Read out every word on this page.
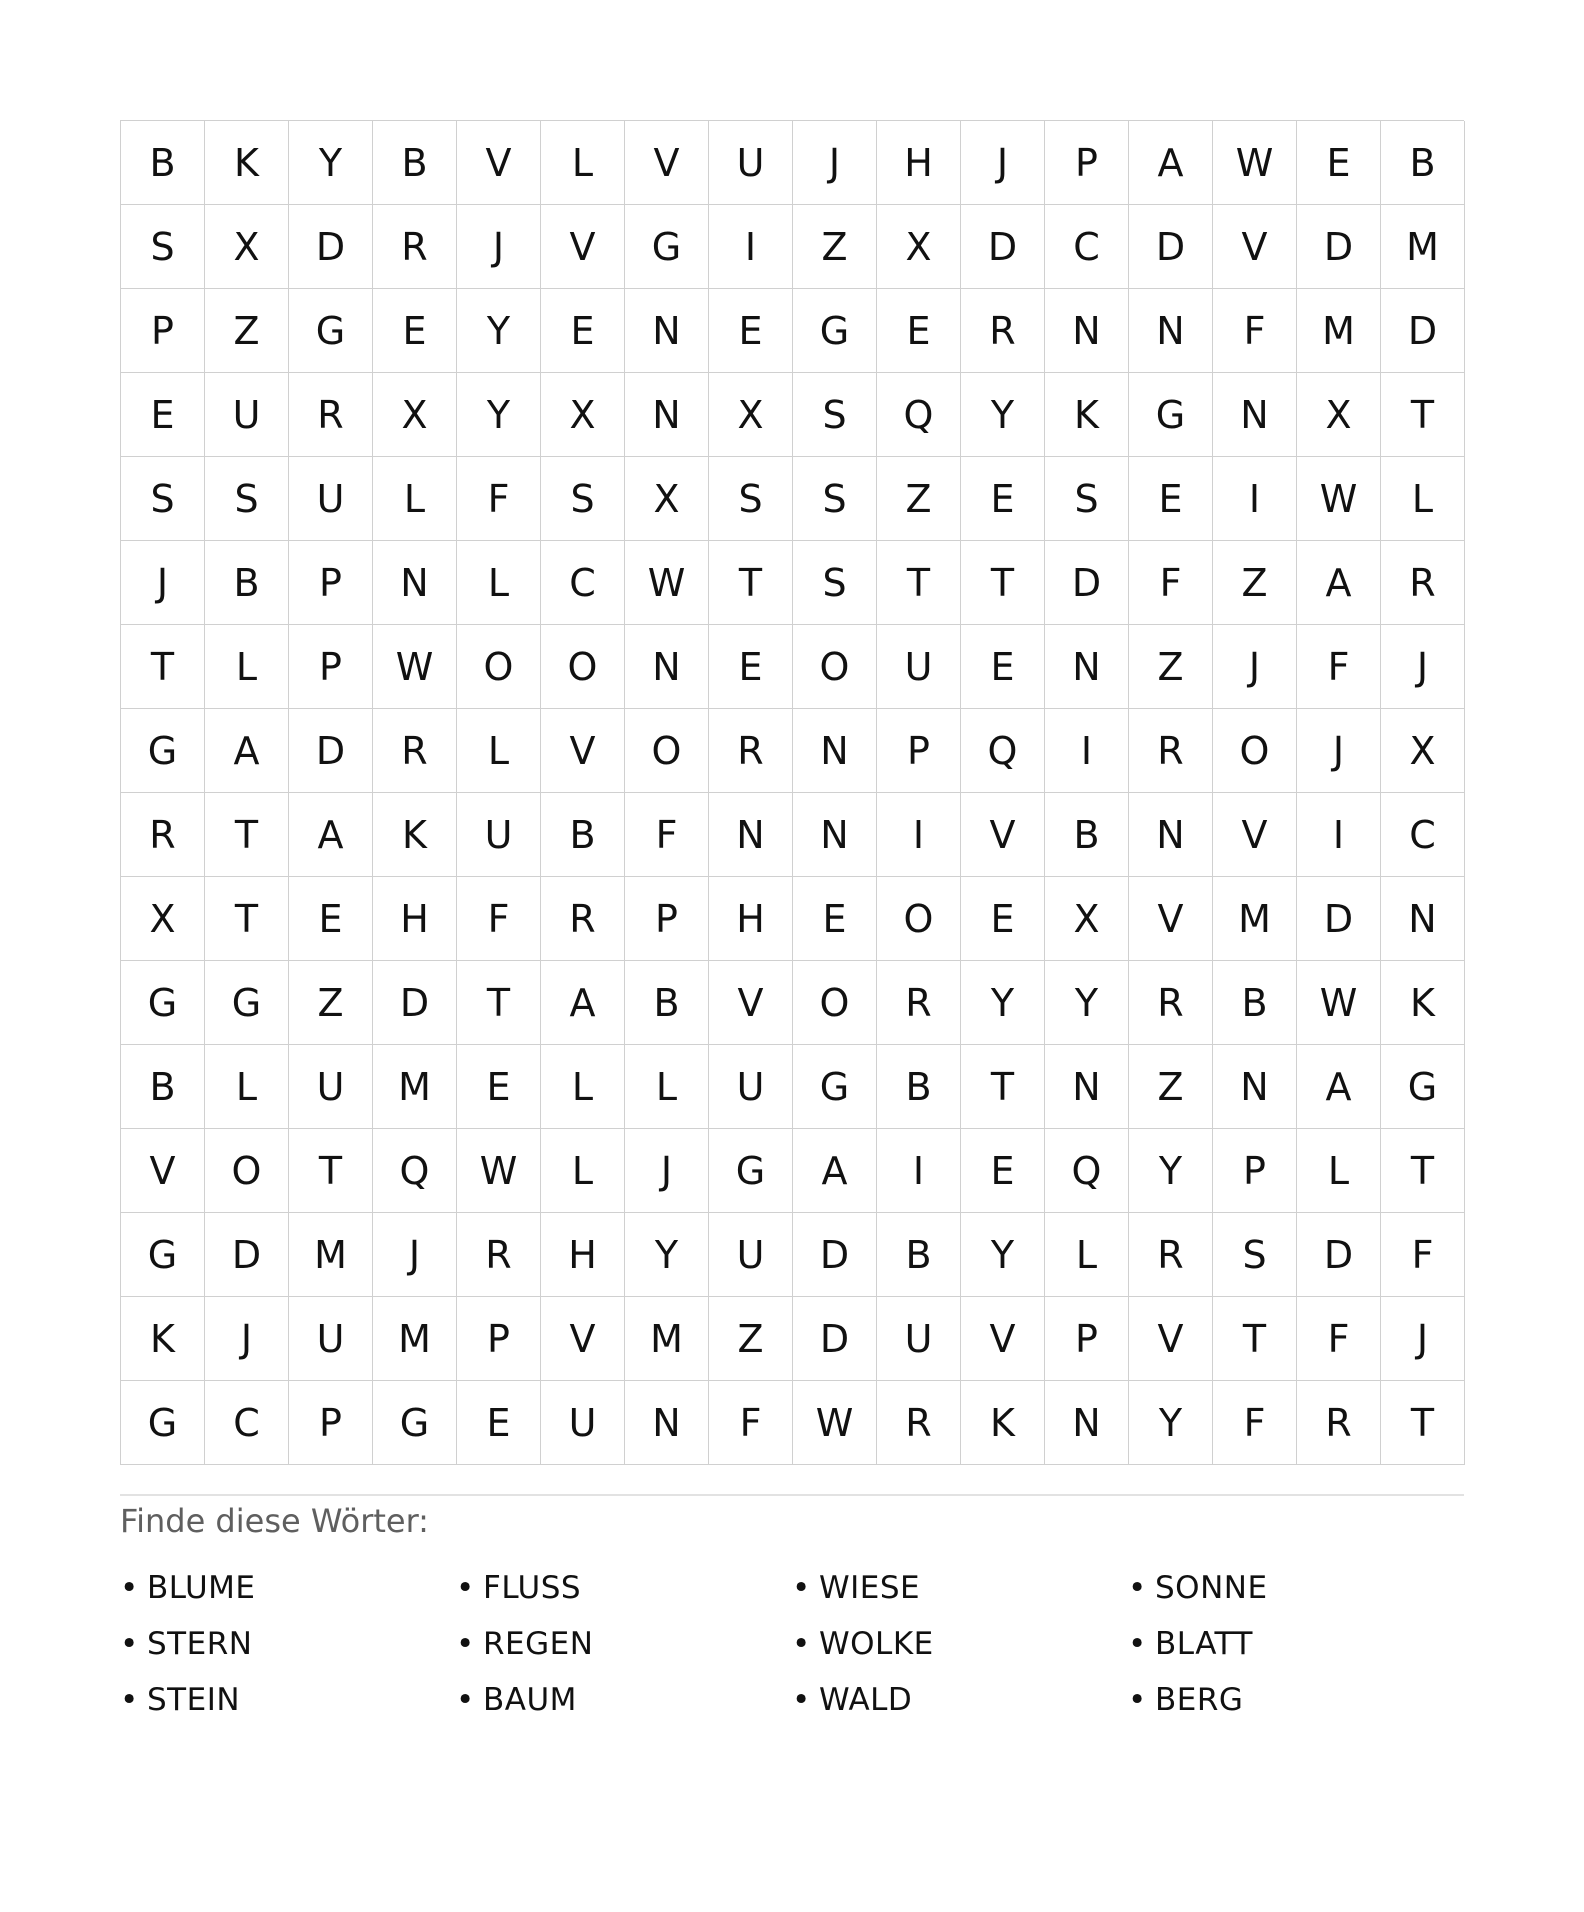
B	K	Y	B	V	L	V	U	J	H	J	P	A	W	E	B
S	X	D	R	J	V	G	I	Z	X	D	C	D	V	D	M
P	Z	G	E	Y	E	N	E	G	E	R	N	N	F	M	D
E	U	R	X	Y	X	N	X	S	Q	Y	K	G	N	X	T
S	S	U	L	F	S	X	S	S	Z	E	S	E	I	W	L
J	B	P	N	L	C	W	T	S	T	T	D	F	Z	A	R
T	L	P	W	O	O	N	E	O	U	E	N	Z	J	F	J
G	A	D	R	L	V	O	R	N	P	Q	I	R	O	J	X
R	T	A	K	U	B	F	N	N	I	V	B	N	V	I	C
X	T	E	H	F	R	P	H	E	O	E	X	V	M	D	N
G	G	Z	D	T	A	B	V	O	R	Y	Y	R	B	W	K
B	L	U	M	E	L	L	U	G	B	T	N	Z	N	A	G
V	O	T	Q	W	L	J	G	A	I	E	Q	Y	P	L	T
G	D	M	J	R	H	Y	U	D	B	Y	L	R	S	D	F
K	J	U	M	P	V	M	Z	D	U	V	P	V	T	F	J
G	C	P	G	E	U	N	F	W	R	K	N	Y	F	R	T
Finde diese Wörter:
• BLUME	• FLUSS	• WIESE	• SONNE
• STERN	• REGEN	• WOLKE	• BLATT
• STEIN	• BAUM	• WALD	• BERG
